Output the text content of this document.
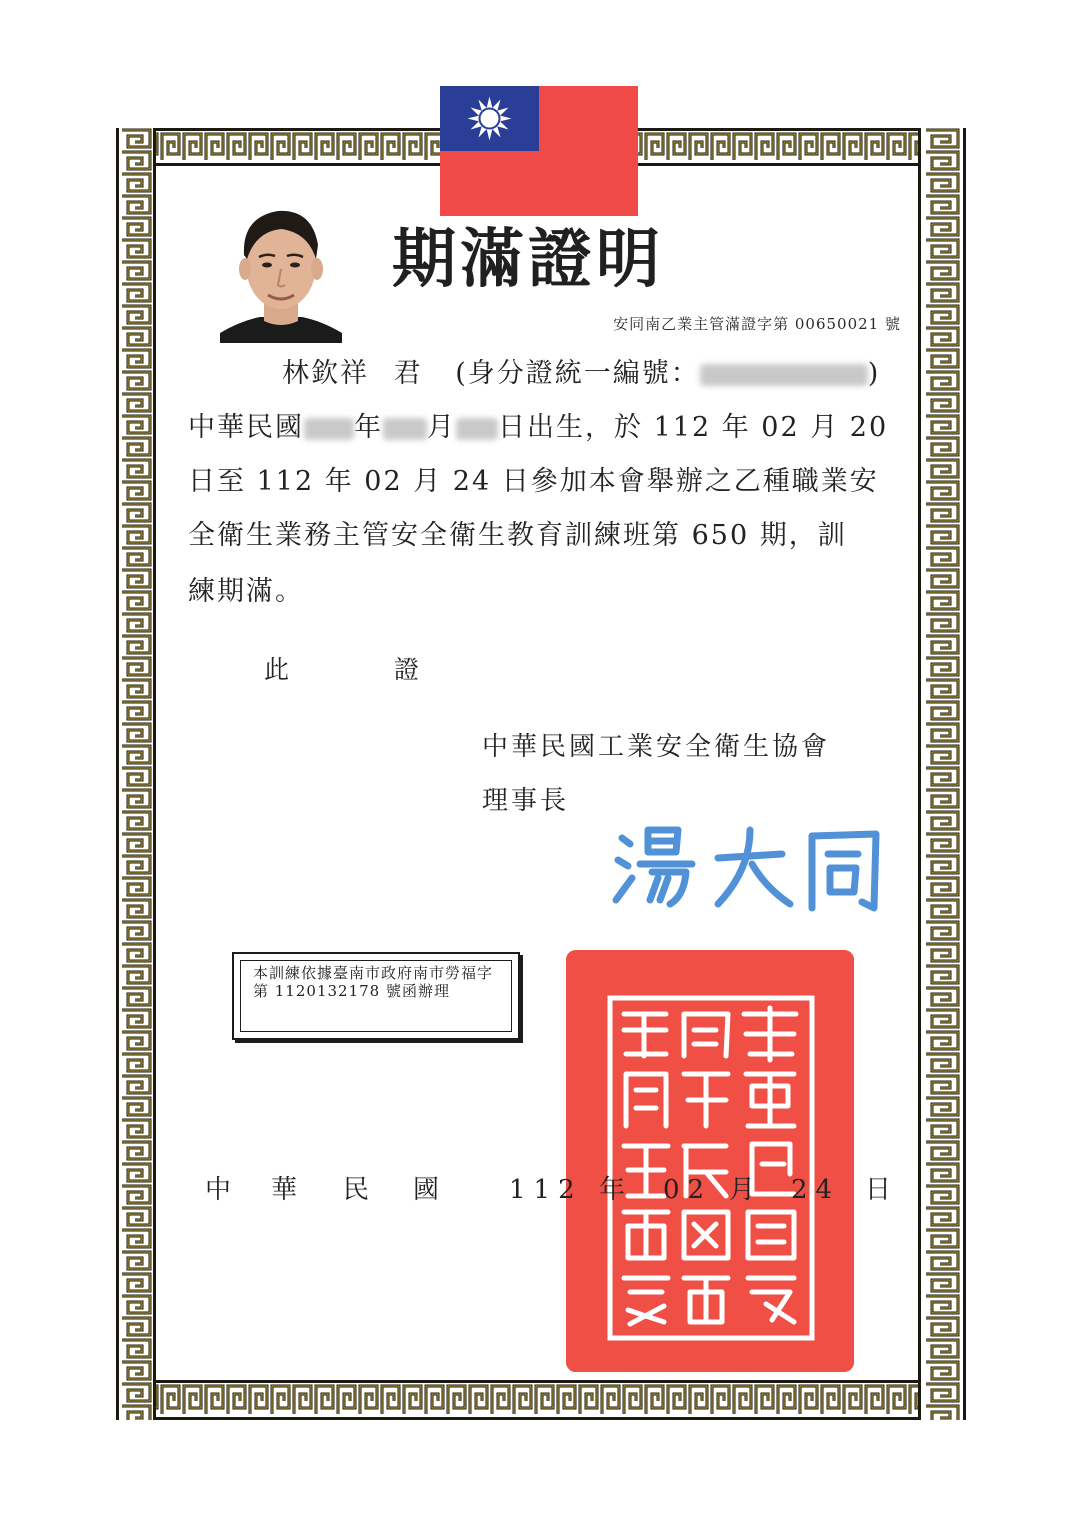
期滿證明
安同南乙業主管滿證字第 00650021 號
林欽祥 君 (身分證統一編號：	)
中華民國 年 月 日出生，於 112 年 02 月 20
日至 112 年 02 月 24 日參加本會舉辦之乙種職業安
全衛生業務主管安全衛生教育訓練班第 650 期，訓
練期滿。
此	證
中華民國工業安全衛生協會
理事長
本訓練依據臺南市政府南市勞福字第 1120132178 號函辦理
中 華 民 國	112 年 02 月 24 日
